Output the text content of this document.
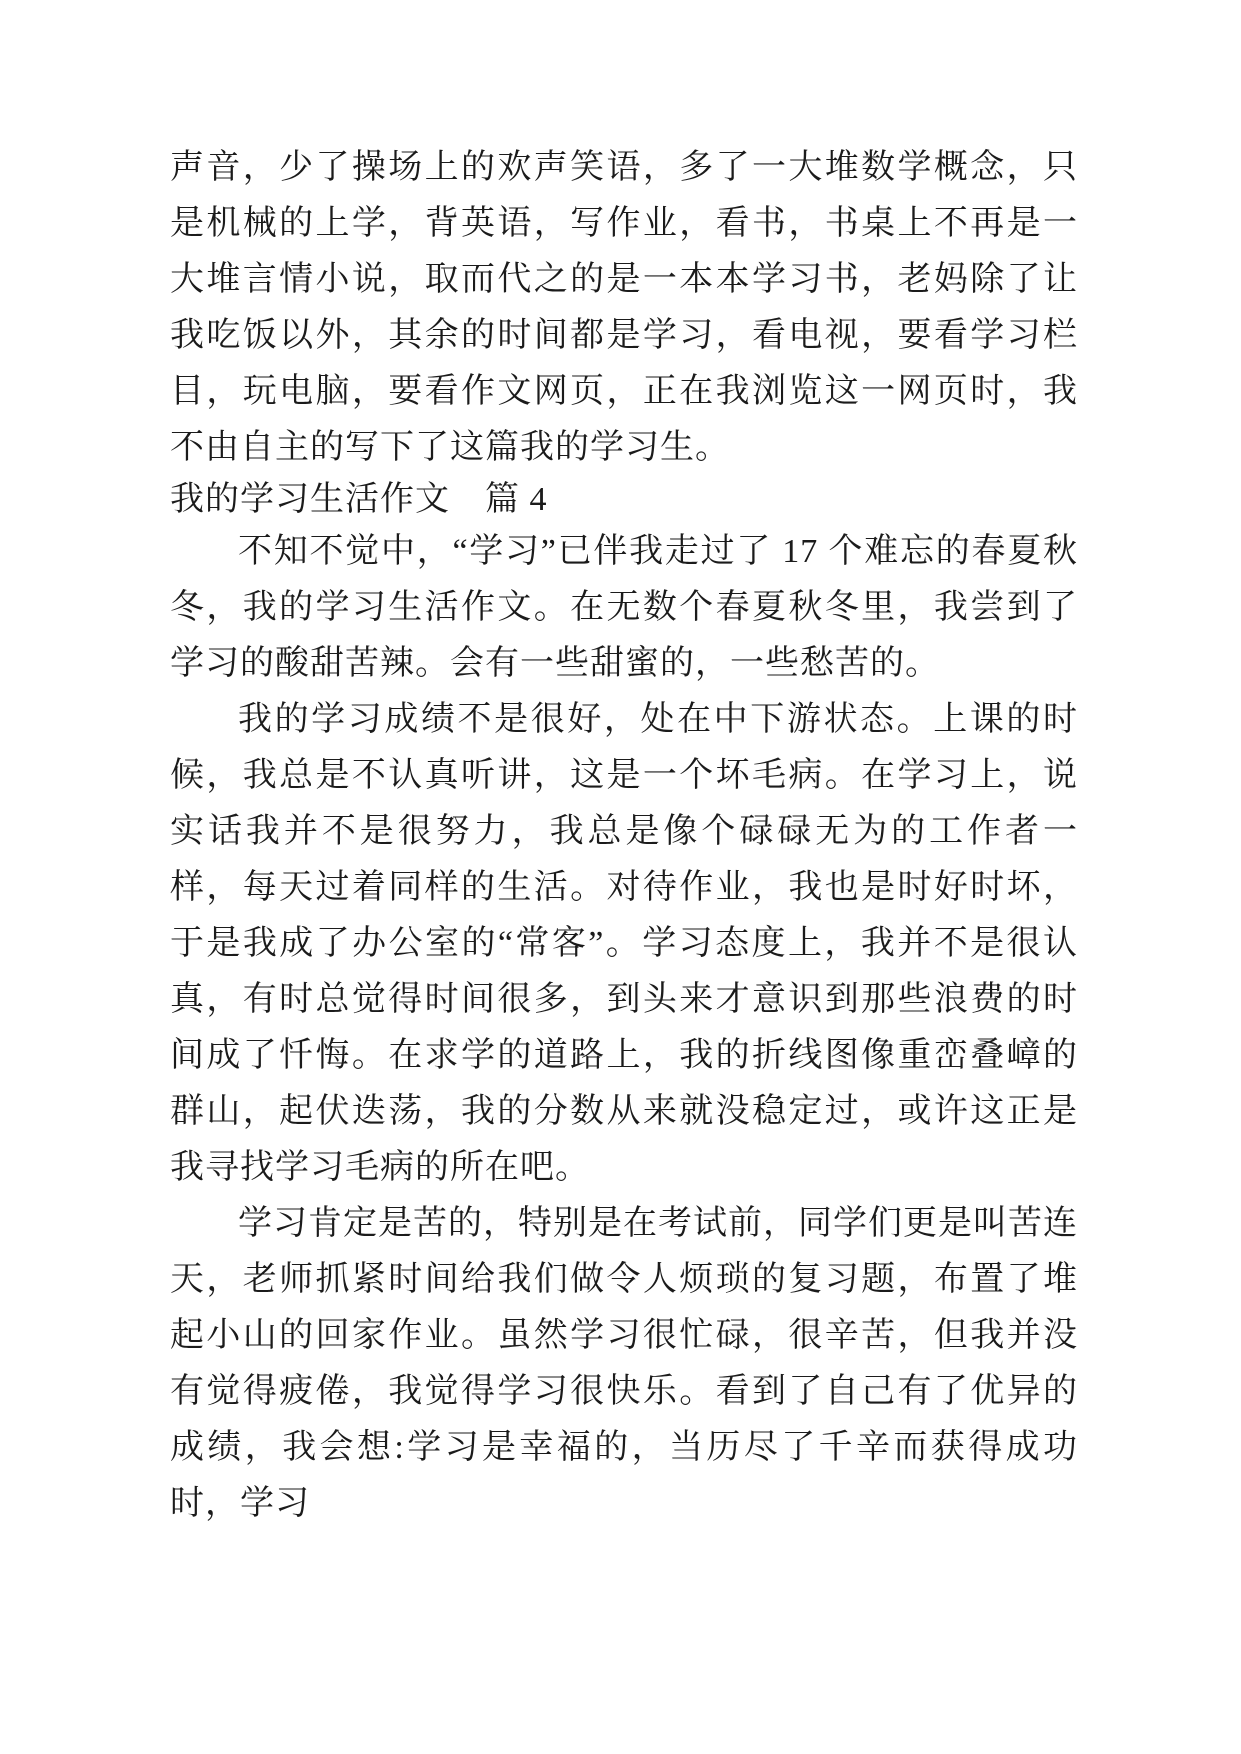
声音，少了操场上的欢声笑语，多了一大堆数学概念，只是机械的上学，背英语，写作业，看书，书桌上不再是一大堆言情小说，取而代之的是一本本学习书，老妈除了让我吃饭以外，其余的时间都是学习，看电视，要看学习栏目，玩电脑，要看作文网页，正在我浏览这一网页时，我不由自主的写下了这篇我的学习生。

我的学习生活作文　篇 4

不知不觉中，“学习”已伴我走过了 17 个难忘的春夏秋冬，我的学习生活作文。在无数个春夏秋冬里，我尝到了学习的酸甜苦辣。会有一些甜蜜的，一些愁苦的。

我的学习成绩不是很好，处在中下游状态。上课的时候，我总是不认真听讲，这是一个坏毛病。在学习上，说实话我并不是很努力，我总是像个碌碌无为的工作者一样，每天过着同样的生活。对待作业，我也是时好时坏，于是我成了办公室的“常客”。学习态度上，我并不是很认真，有时总觉得时间很多，到头来才意识到那些浪费的时间成了忏悔。在求学的道路上，我的折线图像重峦叠嶂的群山，起伏迭荡，我的分数从来就没稳定过，或许这正是我寻找学习毛病的所在吧。

学习肯定是苦的，特别是在考试前，同学们更是叫苦连天，老师抓紧时间给我们做令人烦琐的复习题，布置了堆起小山的回家作业。虽然学习很忙碌，很辛苦，但我并没有觉得疲倦，我觉得学习很快乐。看到了自己有了优异的成绩，我会想:学习是幸福的，当历尽了千辛而获得成功时，学习
